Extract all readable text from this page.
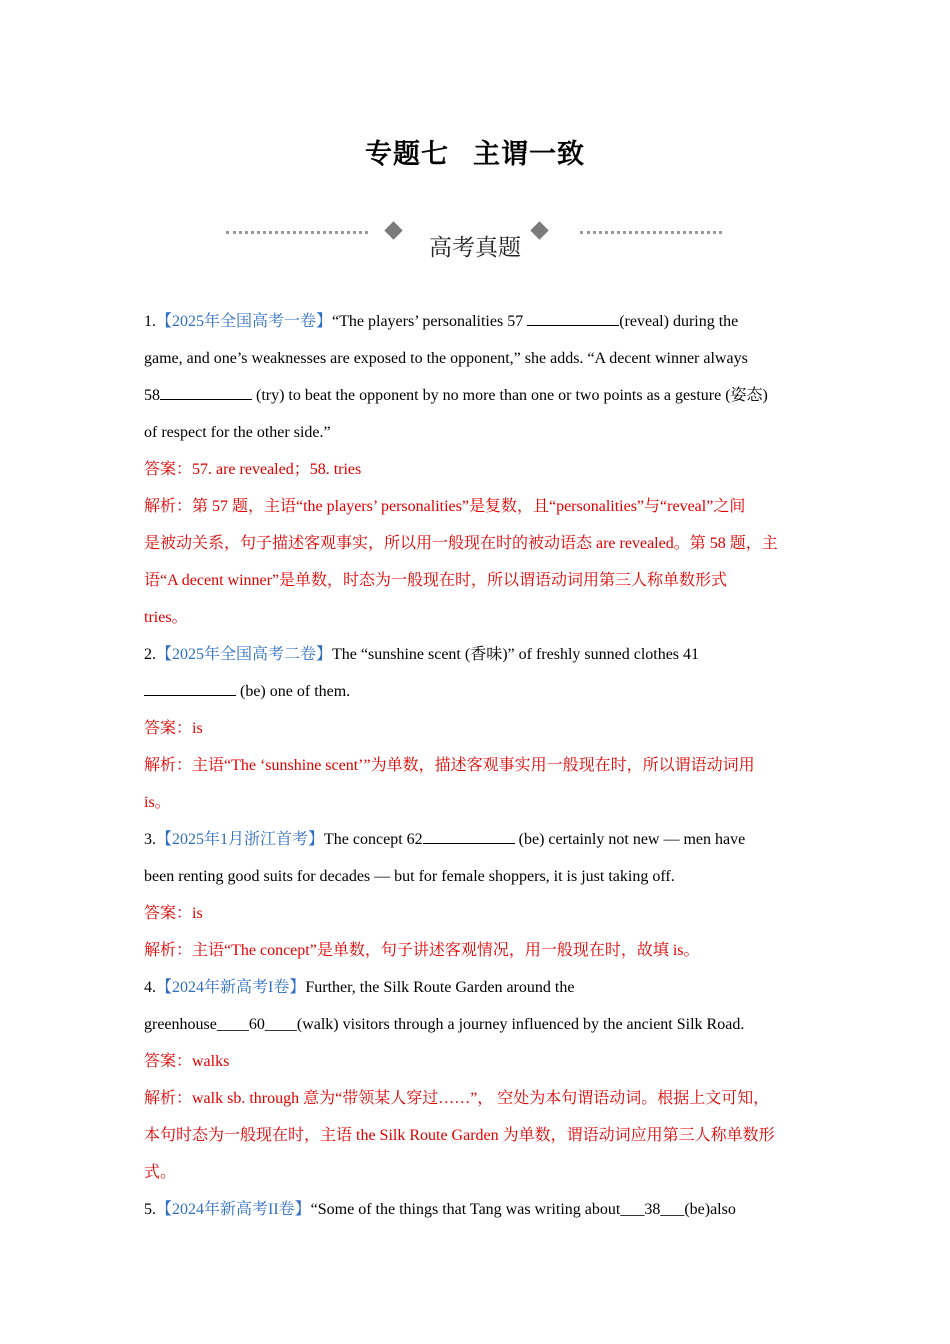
专题七 主谓一致
高考真题

1.【2025年全国高考一卷】“The players’ personalities 57	(reveal) during the
game, and one’s weaknesses are exposed to the opponent,” she adds. “A decent winner always
58	(try) to beat the opponent by no more than one or two points as a gesture (姿态)
of respect for the other side.”

答案：57. are revealed；58. tries

解析：第 57 题，主语“the players’ personalities”是复数，且“personalities”与“reveal”之间
是被动关系，句子描述客观事实，所以用一般现在时的被动语态 are revealed。第 58 题，主
语“A decent winner”是单数，时态为一般现在时，所以谓语动词用第三人称单数形式
tries。

2.【2025年全国高考二卷】The “sunshine scent (香味)” of freshly sunned clothes 41
(be) one of them.

答案：is

解析：主语“The ‘sunshine scent’”为单数，描述客观事实用一般现在时，所以谓语动词用
is。

3.【2025年1月浙江首考】The concept 62	(be) certainly not new — men have
been renting good suits for decades — but for female shoppers, it is just taking off.

答案：is

解析：主语“The concept”是单数，句子讲述客观情况，用一般现在时，故填 is。

4.【2024年新高考I卷】Further, the Silk Route Garden around the
greenhouse____60____(walk) visitors through a journey influenced by the ancient Silk Road.

答案：walks

解析：walk sb. through 意为“带领某人穿过……”， 空处为本句谓语动词。根据上文可知，
本句时态为一般现在时，主语 the Silk Route Garden 为单数，谓语动词应用第三人称单数形
式。

5.【2024年新高考II卷】“Some of the things that Tang was writing about___38___(be)also
